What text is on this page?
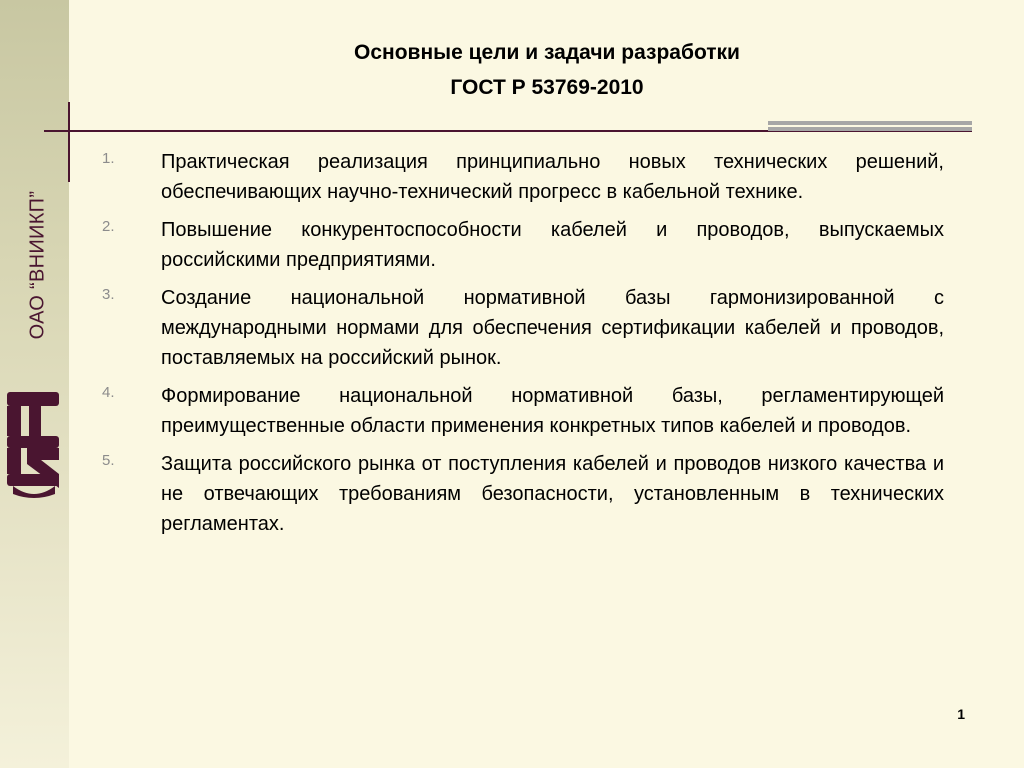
ОАО “ВНИИКП”
Основные цели и задачи разработки
ГОСТ Р 53769-2010
1. Практическая реализация принципиально новых технических решений, обеспечивающих научно-технический прогресс в кабельной технике.
2. Повышение конкурентоспособности кабелей и проводов, выпускаемых российскими предприятиями.
3. Создание национальной нормативной базы гармонизированной с международными нормами для обеспечения сертификации кабелей и проводов, поставляемых на российский рынок.
4. Формирование национальной нормативной базы, регламентирующей преимущественные области применения конкретных типов кабелей и проводов.
5. Защита российского рынка от поступления кабелей и проводов низкого качества и не отвечающих требованиям безопасности, установленным в технических регламентах.
1
